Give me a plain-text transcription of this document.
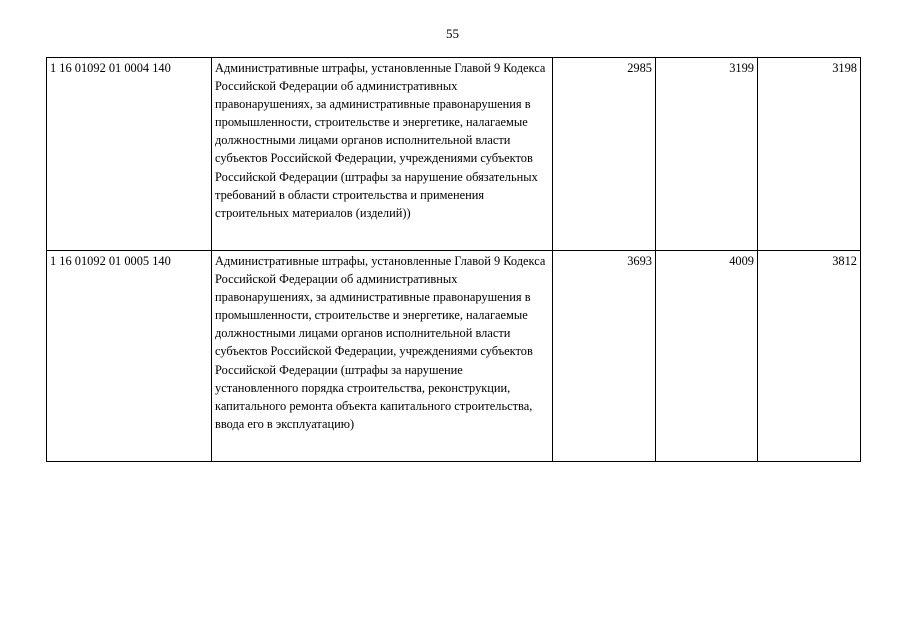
55
1 16 01092 01 0004 140	Административные штрафы, установленные Главой 9 Кодекса Российской Федерации об административных правонарушениях, за административные правонарушения в промышленности, строительстве и энергетике, налагаемые должностными лицами органов исполнительной власти субъектов Российской Федерации, учреждениями субъектов Российской Федерации (штрафы за нарушение обязательных требований в области строительства и применения строительных материалов (изделий))	2985	3199	3198
1 16 01092 01 0005 140	Административные штрафы, установленные Главой 9 Кодекса Российской Федерации об административных правонарушениях, за административные правонарушения в промышленности, строительстве и энергетике, налагаемые должностными лицами органов исполнительной власти субъектов Российской Федерации, учреждениями субъектов Российской Федерации (штрафы за нарушение установленного порядка строительства, реконструкции, капитального ремонта объекта капитального строительства, ввода его в эксплуатацию)	3693	4009	3812
